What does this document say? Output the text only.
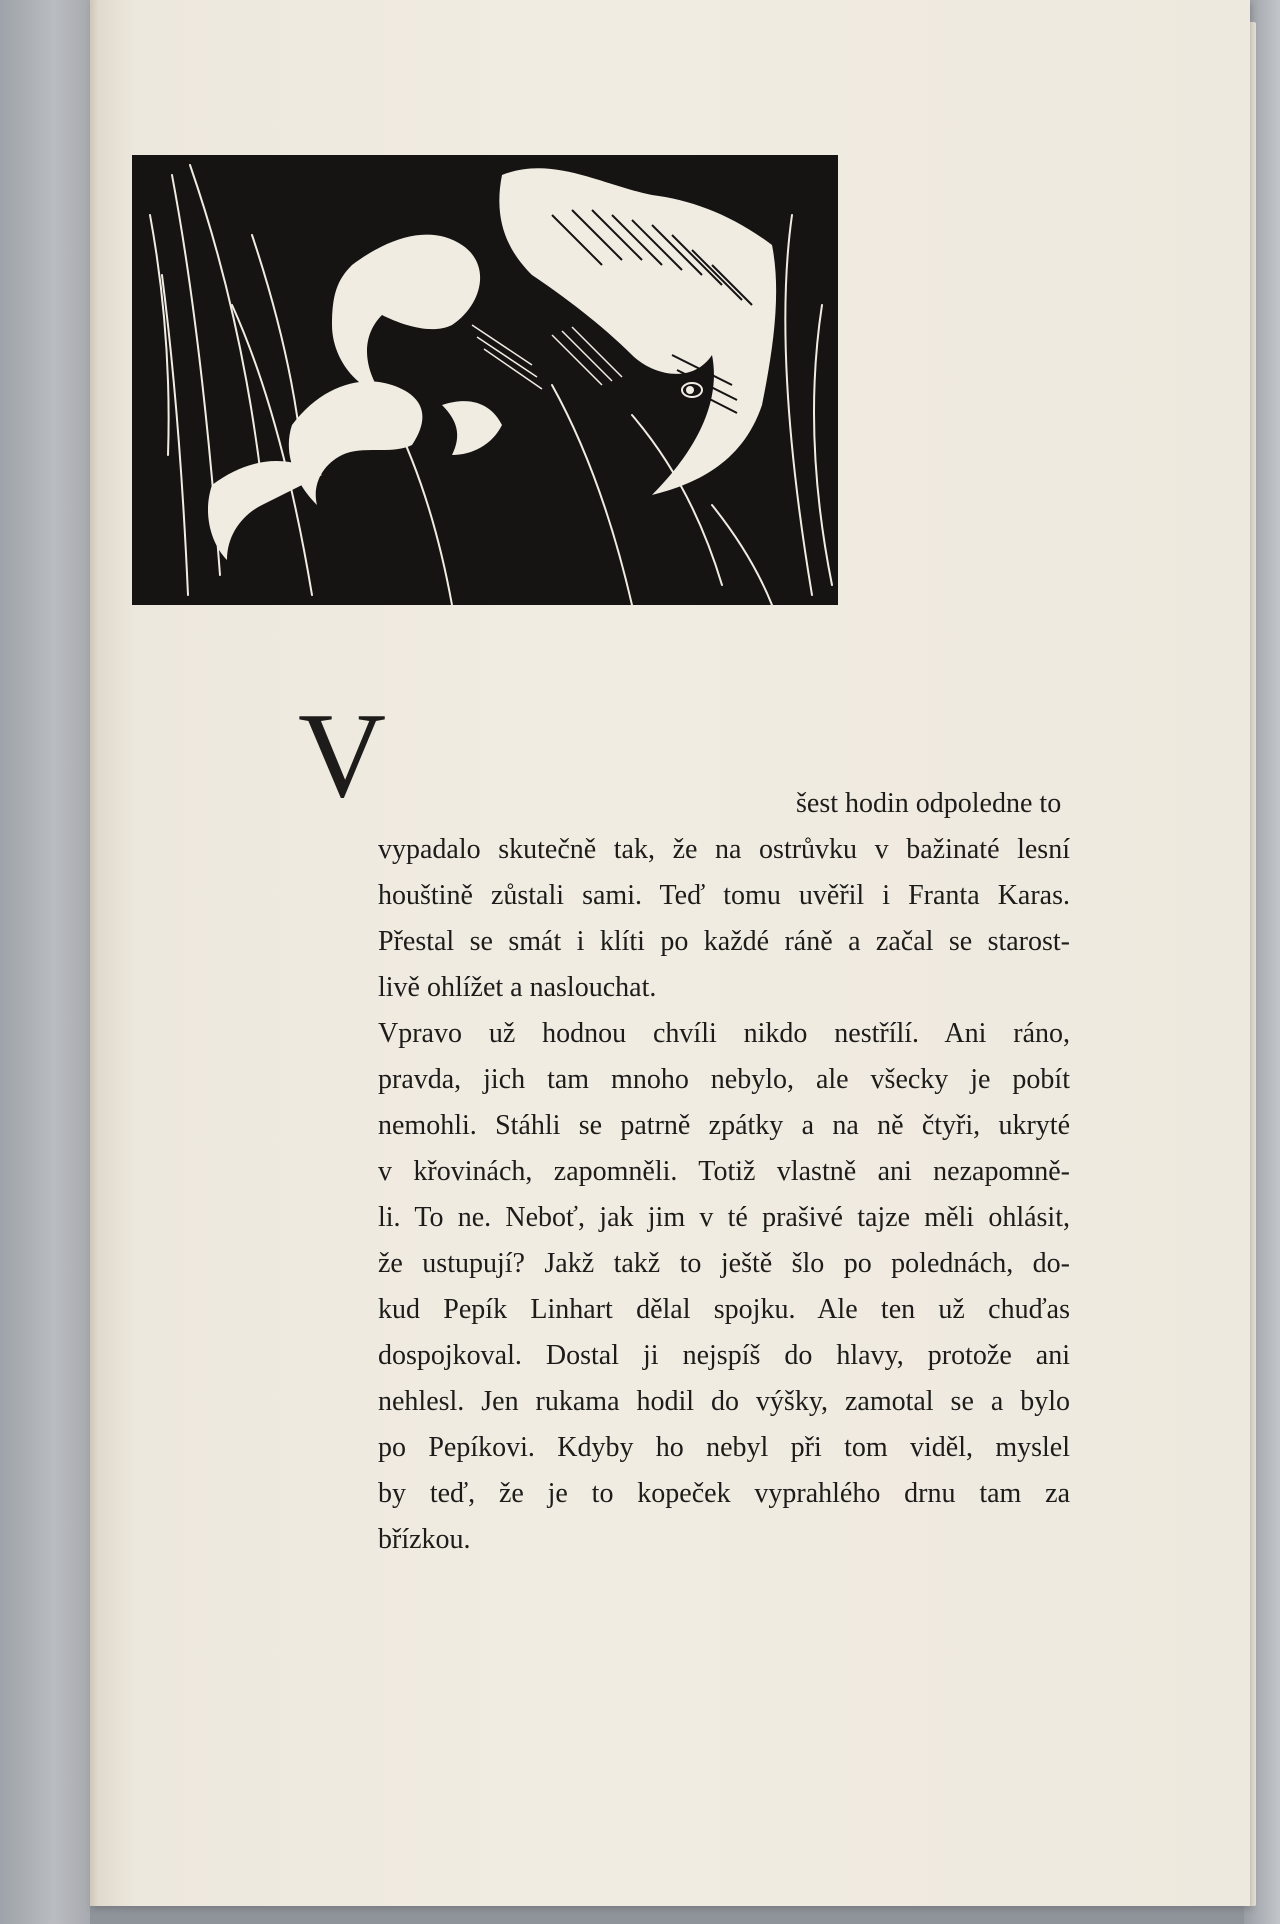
V	šest hodin odpoledne to
vypadalo skutečně tak, že na ostrůvku v bažinaté lesní
houštině zůstali sami. Teď tomu uvěřil i Franta Karas.
Přestal se smát i klíti po každé ráně a začal se starost-
livě ohlížet a naslouchat.
Vpravo už hodnou chvíli nikdo nestřílí. Ani ráno,
pravda, jich tam mnoho nebylo, ale všecky je pobít
nemohli. Stáhli se patrně zpátky a na ně čtyři, ukryté
v křovinách, zapomněli. Totiž vlastně ani nezapomně-
li. To ne. Neboť, jak jim v té prašivé tajze měli ohlásit,
že ustupují? Jakž takž to ještě šlo po polednách, do-
kud Pepík Linhart dělal spojku. Ale ten už chuďas
dospojkoval. Dostal ji nejspíš do hlavy, protože ani
nehlesl. Jen rukama hodil do výšky, zamotal se a bylo
po Pepíkovi. Kdyby ho nebyl při tom viděl, myslel
by teď, že je to kopeček vyprahlého drnu tam za
břízkou.
